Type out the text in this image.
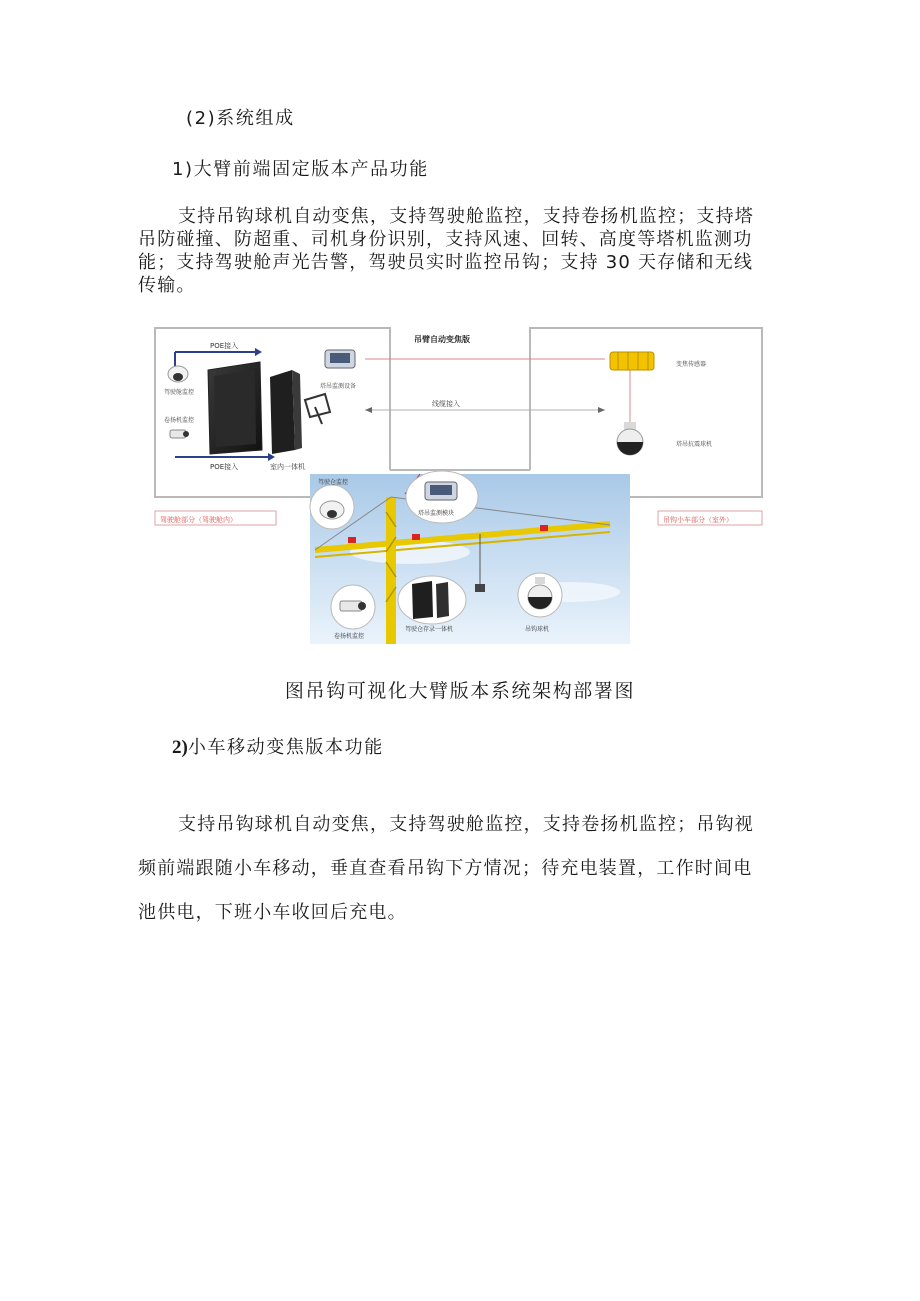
(2)系统组成
1)大臂前端固定版本产品功能
支持吊钩球机自动变焦，支持驾驶舱监控，支持卷扬机监控；支持塔
吊防碰撞、防超重、司机身份识别，支持风速、回转、高度等塔机监测功
能；支持驾驶舱声光告警，驾驶员实时监控吊钩；支持 30 天存储和无线
传输。
POE接入
POE接入
驾驶舱监控
卷扬机监控
室内一体机
塔吊监测设备
吊臂自动变焦版
线缆接入
变焦传感器
塔吊抗震球机
驾驶舱部分（驾驶舱内）	吊钩小车部分（室外）
驾驶仓监控
塔吊监测模块
卷扬机监控
驾驶仓存录一体机	吊钩球机
图吊钩可视化大臂版本系统架构部署图
2)小车移动变焦版本功能
支持吊钩球机自动变焦，支持驾驶舱监控，支持卷扬机监控；吊钩视
频前端跟随小车移动，垂直查看吊钩下方情况；待充电装置，工作时间电
池供电，下班小车收回后充电。
